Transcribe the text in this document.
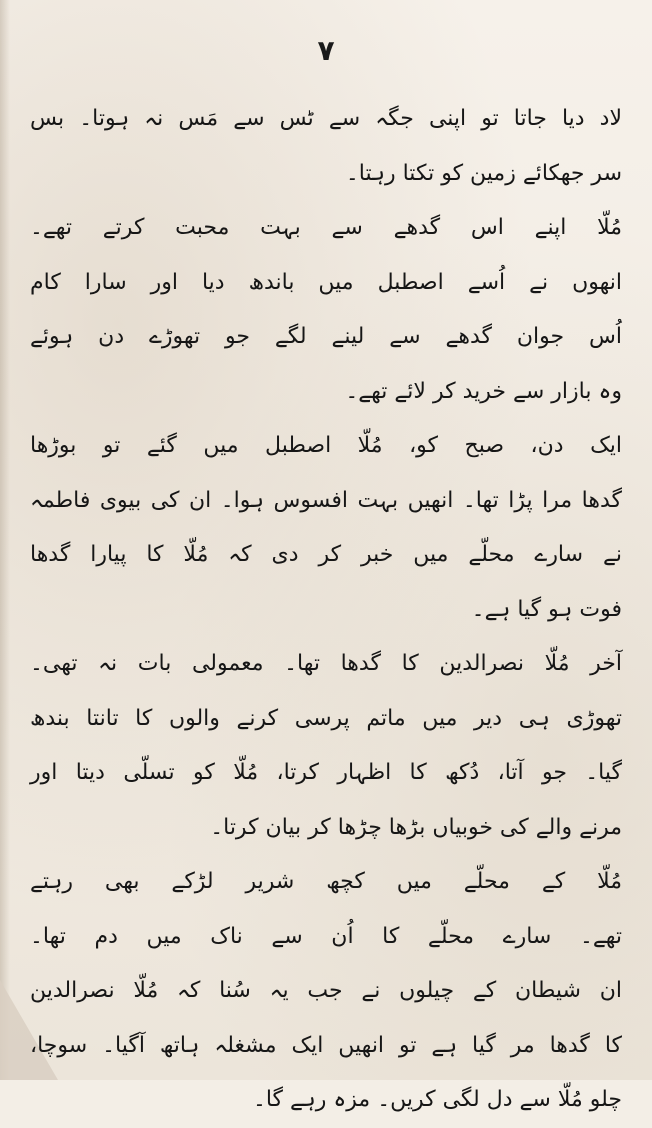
۷
لاد دیا جاتا تو اپنی جگہ سے ٹس سے مَس نہ ہوتا۔ بس
سر جھکائے زمین کو تکتا رہتا۔
مُلّا اپنے اس گدھے سے بہت محبت کرتے تھے۔
انھوں نے اُسے اصطبل میں باندھ دیا اور سارا کام
اُس جوان گدھے سے لینے لگے جو تھوڑے دن ہوئے
وہ بازار سے خرید کر لائے تھے۔
ایک دن، صبح کو، مُلّا اصطبل میں گئے تو بوڑھا
گدھا مرا پڑا تھا۔ انھیں بہت افسوس ہوا۔ ان کی بیوی فاطمہ
نے سارے محلّے میں خبر کر دی کہ مُلّا کا پیارا گدھا
فوت ہو گیا ہے۔
آخر مُلّا نصرالدین کا گدھا تھا۔ معمولی بات نہ تھی۔
تھوڑی ہی دیر میں ماتم پرسی کرنے والوں کا تانتا بندھ
گیا۔ جو آتا، دُکھ کا اظہار کرتا، مُلّا کو تسلّی دیتا اور
مرنے والے کی خوبیاں بڑھا چڑھا کر بیان کرتا۔
مُلّا کے محلّے میں کچھ شریر لڑکے بھی رہتے
تھے۔ سارے محلّے کا اُن سے ناک میں دم تھا۔
ان شیطان کے چیلوں نے جب یہ سُنا کہ مُلّا نصرالدین
کا گدھا مر گیا ہے تو انھیں ایک مشغلہ ہاتھ آگیا۔ سوچا،
چلو مُلّا سے دل لگی کریں۔ مزہ رہے گا۔
